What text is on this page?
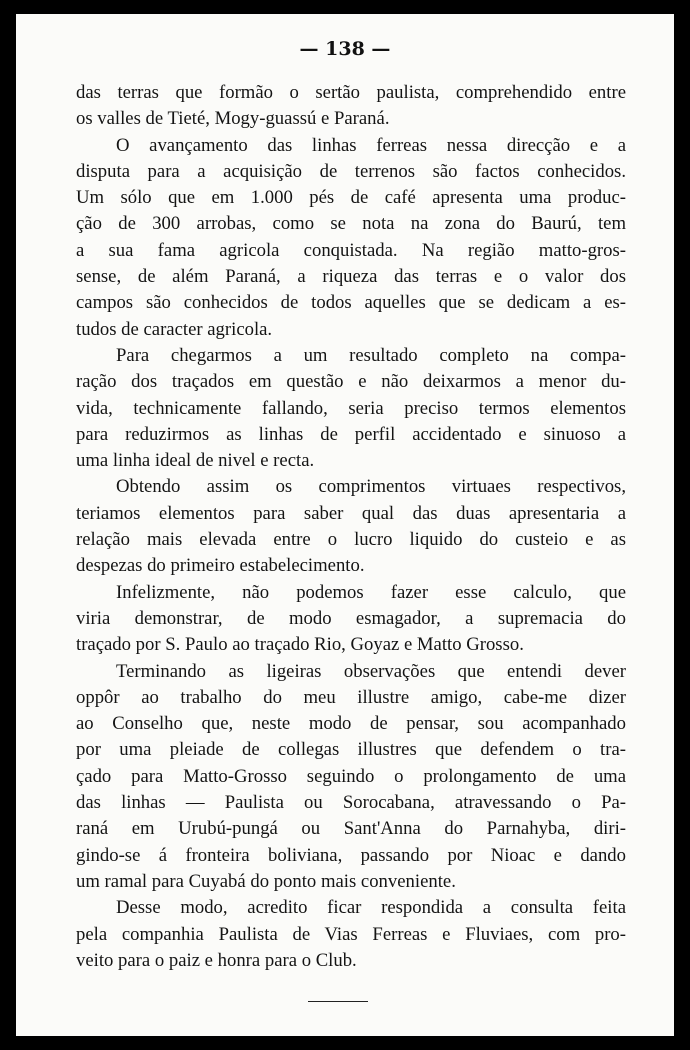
— 138 —

das terras que formão o sertão paulista, comprehendido entre

os valles de Tieté, Mogy-guassú e Paraná.

O avançamento das linhas ferreas nessa direcção e a

disputa para a acquisição de terrenos são factos conhecidos.

Um sólo que em 1.000 pés de café apresenta uma produc-

ção de 300 arrobas, como se nota na zona do Baurú, tem

a sua fama agricola conquistada. Na região matto-gros-

sense, de além Paraná, a riqueza das terras e o valor dos

campos são conhecidos de todos aquelles que se dedicam a es-

tudos de caracter agricola.

Para chegarmos a um resultado completo na compa-

ração dos traçados em questão e não deixarmos a menor du-

vida, technicamente fallando, seria preciso termos elementos

para reduzirmos as linhas de perfil accidentado e sinuoso a

uma linha ideal de nivel e recta.

Obtendo assim os comprimentos virtuaes respectivos,

teriamos elementos para saber qual das duas apresentaria a

relação mais elevada entre o lucro liquido do custeio e as

despezas do primeiro estabelecimento.

Infelizmente, não podemos fazer esse calculo, que

viria demonstrar, de modo esmagador, a supremacia do

traçado por S. Paulo ao traçado Rio, Goyaz e Matto Grosso.

Terminando as ligeiras observações que entendi dever

oppôr ao trabalho do meu illustre amigo, cabe-me dizer

ao Conselho que, neste modo de pensar, sou acompanhado

por uma pleiade de collegas illustres que defendem o tra-

çado para Matto-Grosso seguindo o prolongamento de uma

das linhas — Paulista ou Sorocabana, atravessando o Pa-

raná em Urubú-pungá ou Sant'Anna do Parnahyba, diri-

gindo-se á fronteira boliviana, passando por Nioac e dando

um ramal para Cuyabá do ponto mais conveniente.

Desse modo, acredito ficar respondida a consulta feita

pela companhia Paulista de Vias Ferreas e Fluviaes, com pro-

veito para o paiz e honra para o Club.
